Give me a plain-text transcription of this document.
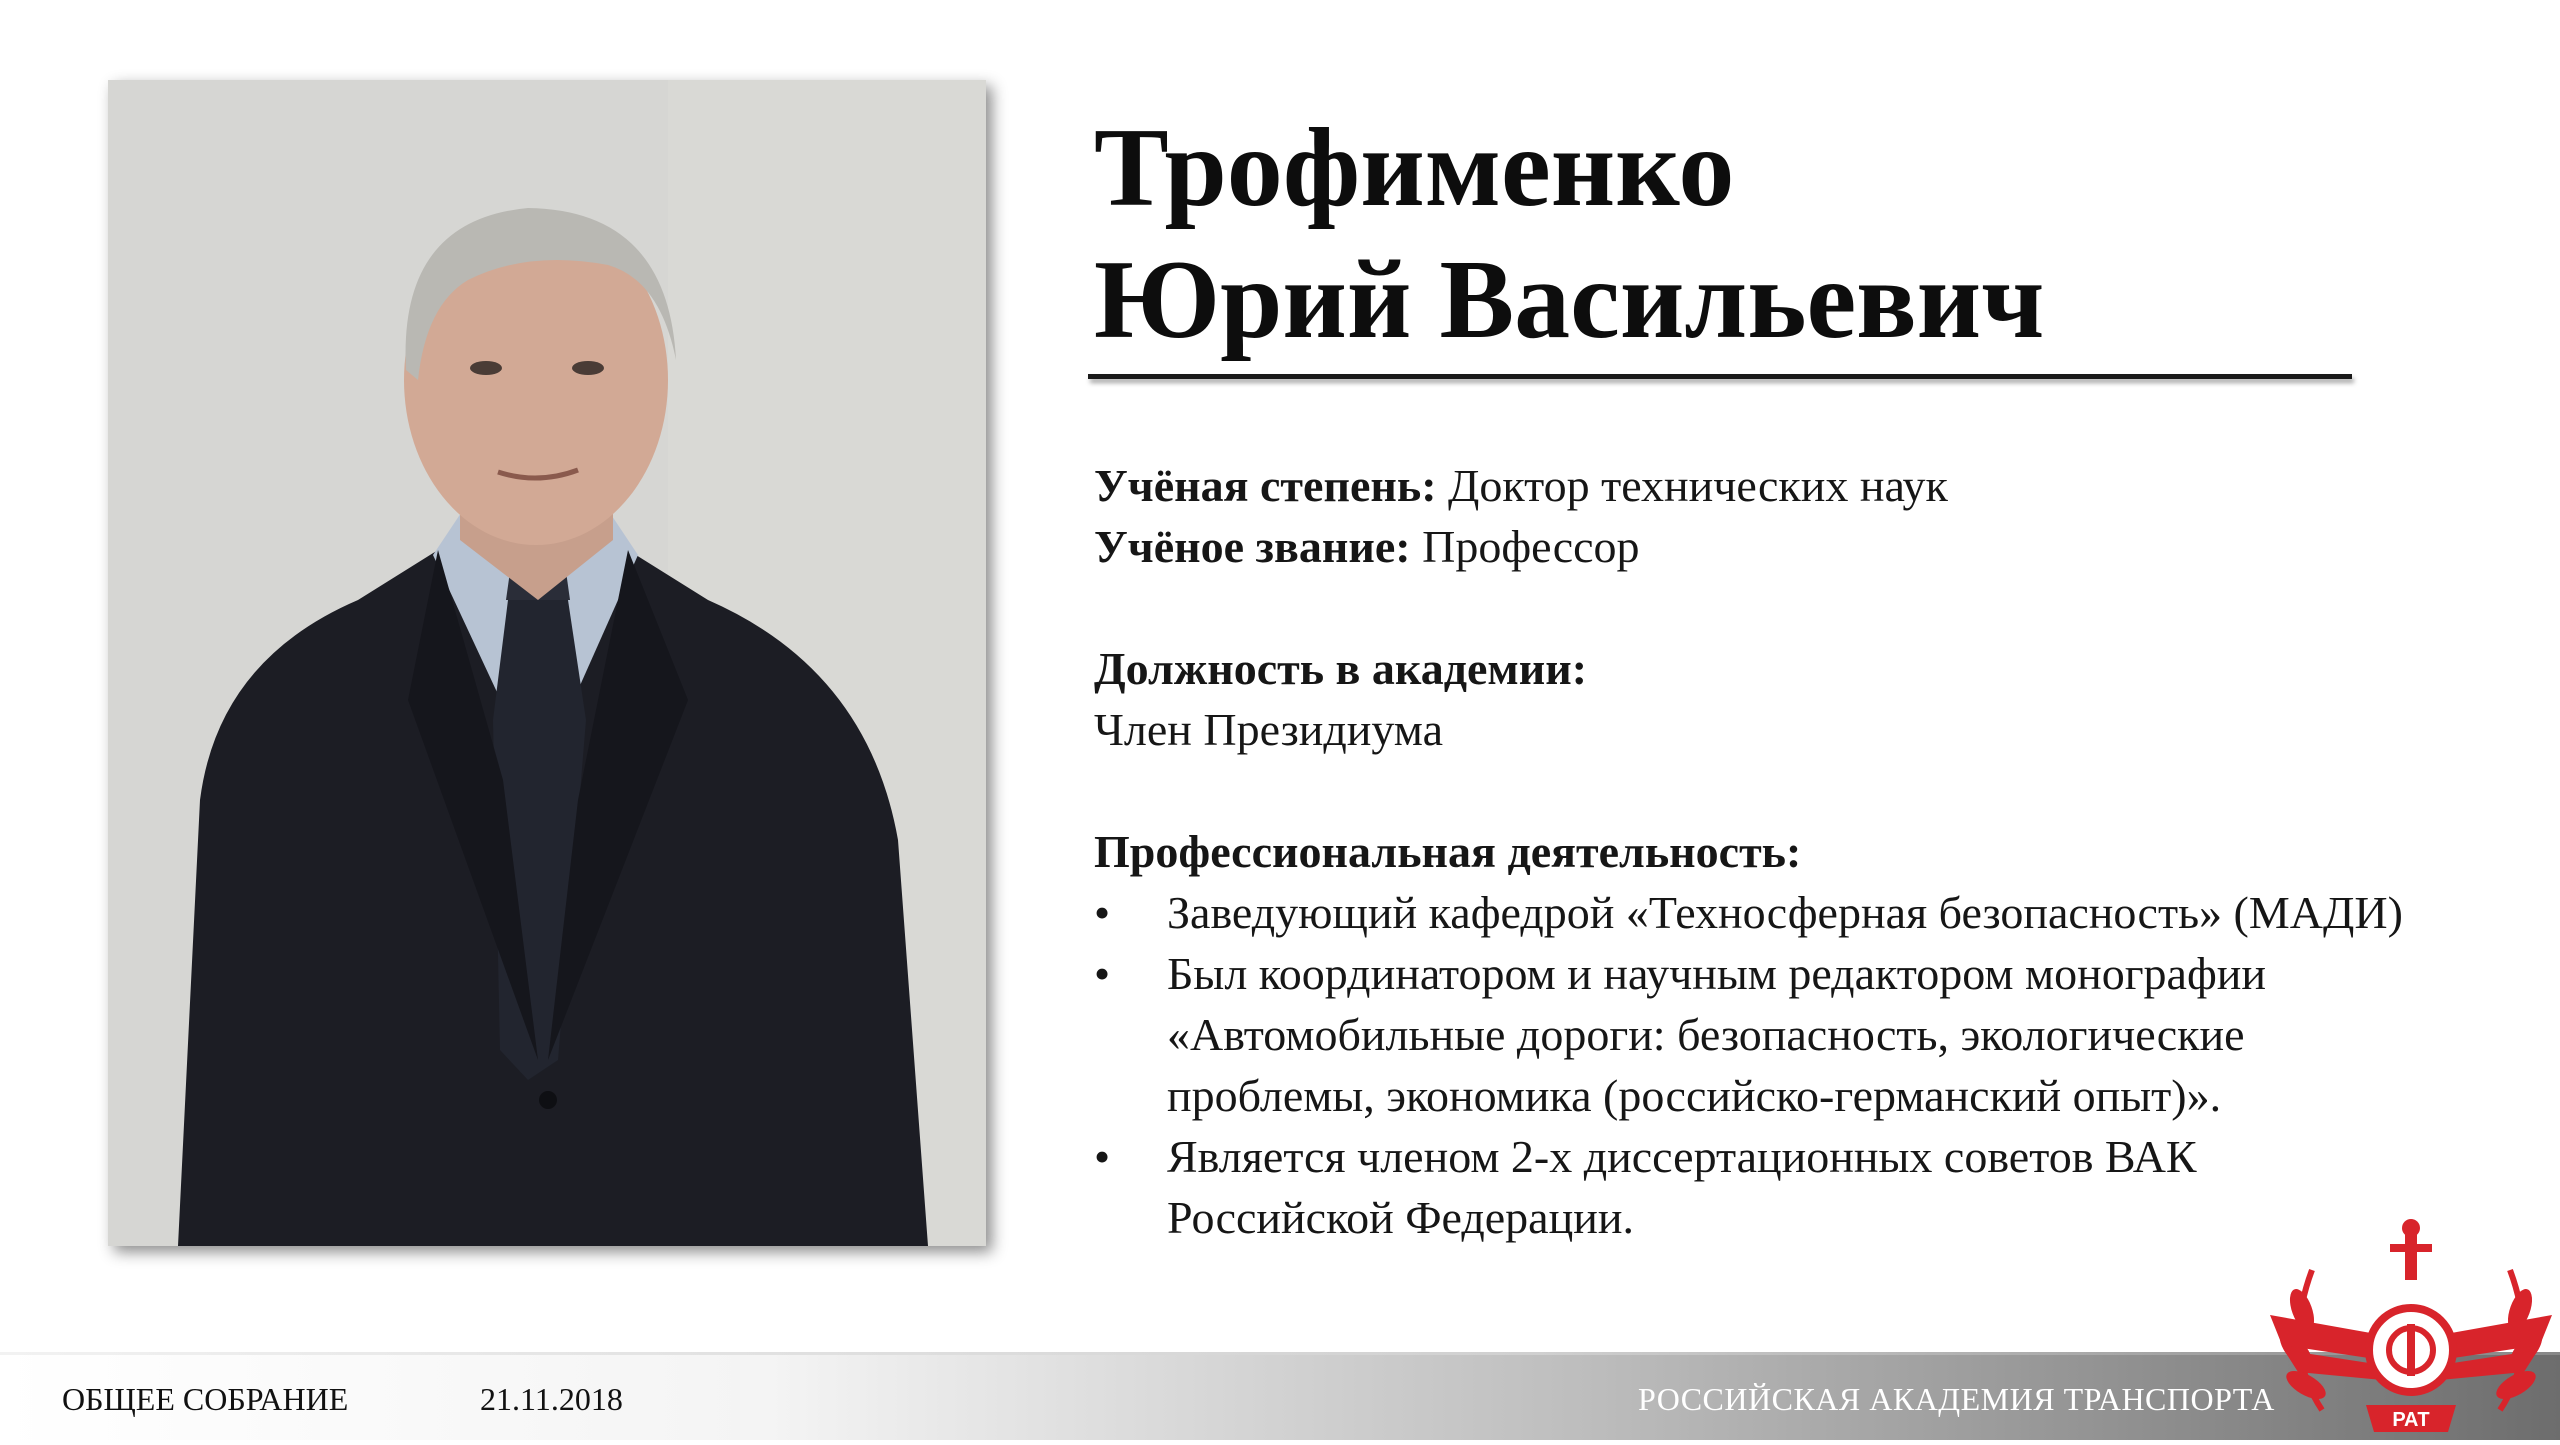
Трофименко
Юрий Васильевич
Учёная степень: Доктор технических наук
Учёное звание: Профессор
Должность в академии:
Член Президиума
Профессиональная деятельность:
• Заведующий кафедрой «Техносферная безопасность» (МАДИ)
• Был координатором и научным редактором монографии
«Автомобильные дороги: безопасность, экологические
проблемы, экономика (российско-германский опыт)».
• Является членом 2-х диссертационных советов ВАК
Российской Федерации.
ОБЩЕЕ СОБРАНИЕ	21.11.2018	РОССИЙСКАЯ АКАДЕМИЯ ТРАНСПОРТА
РАТ
